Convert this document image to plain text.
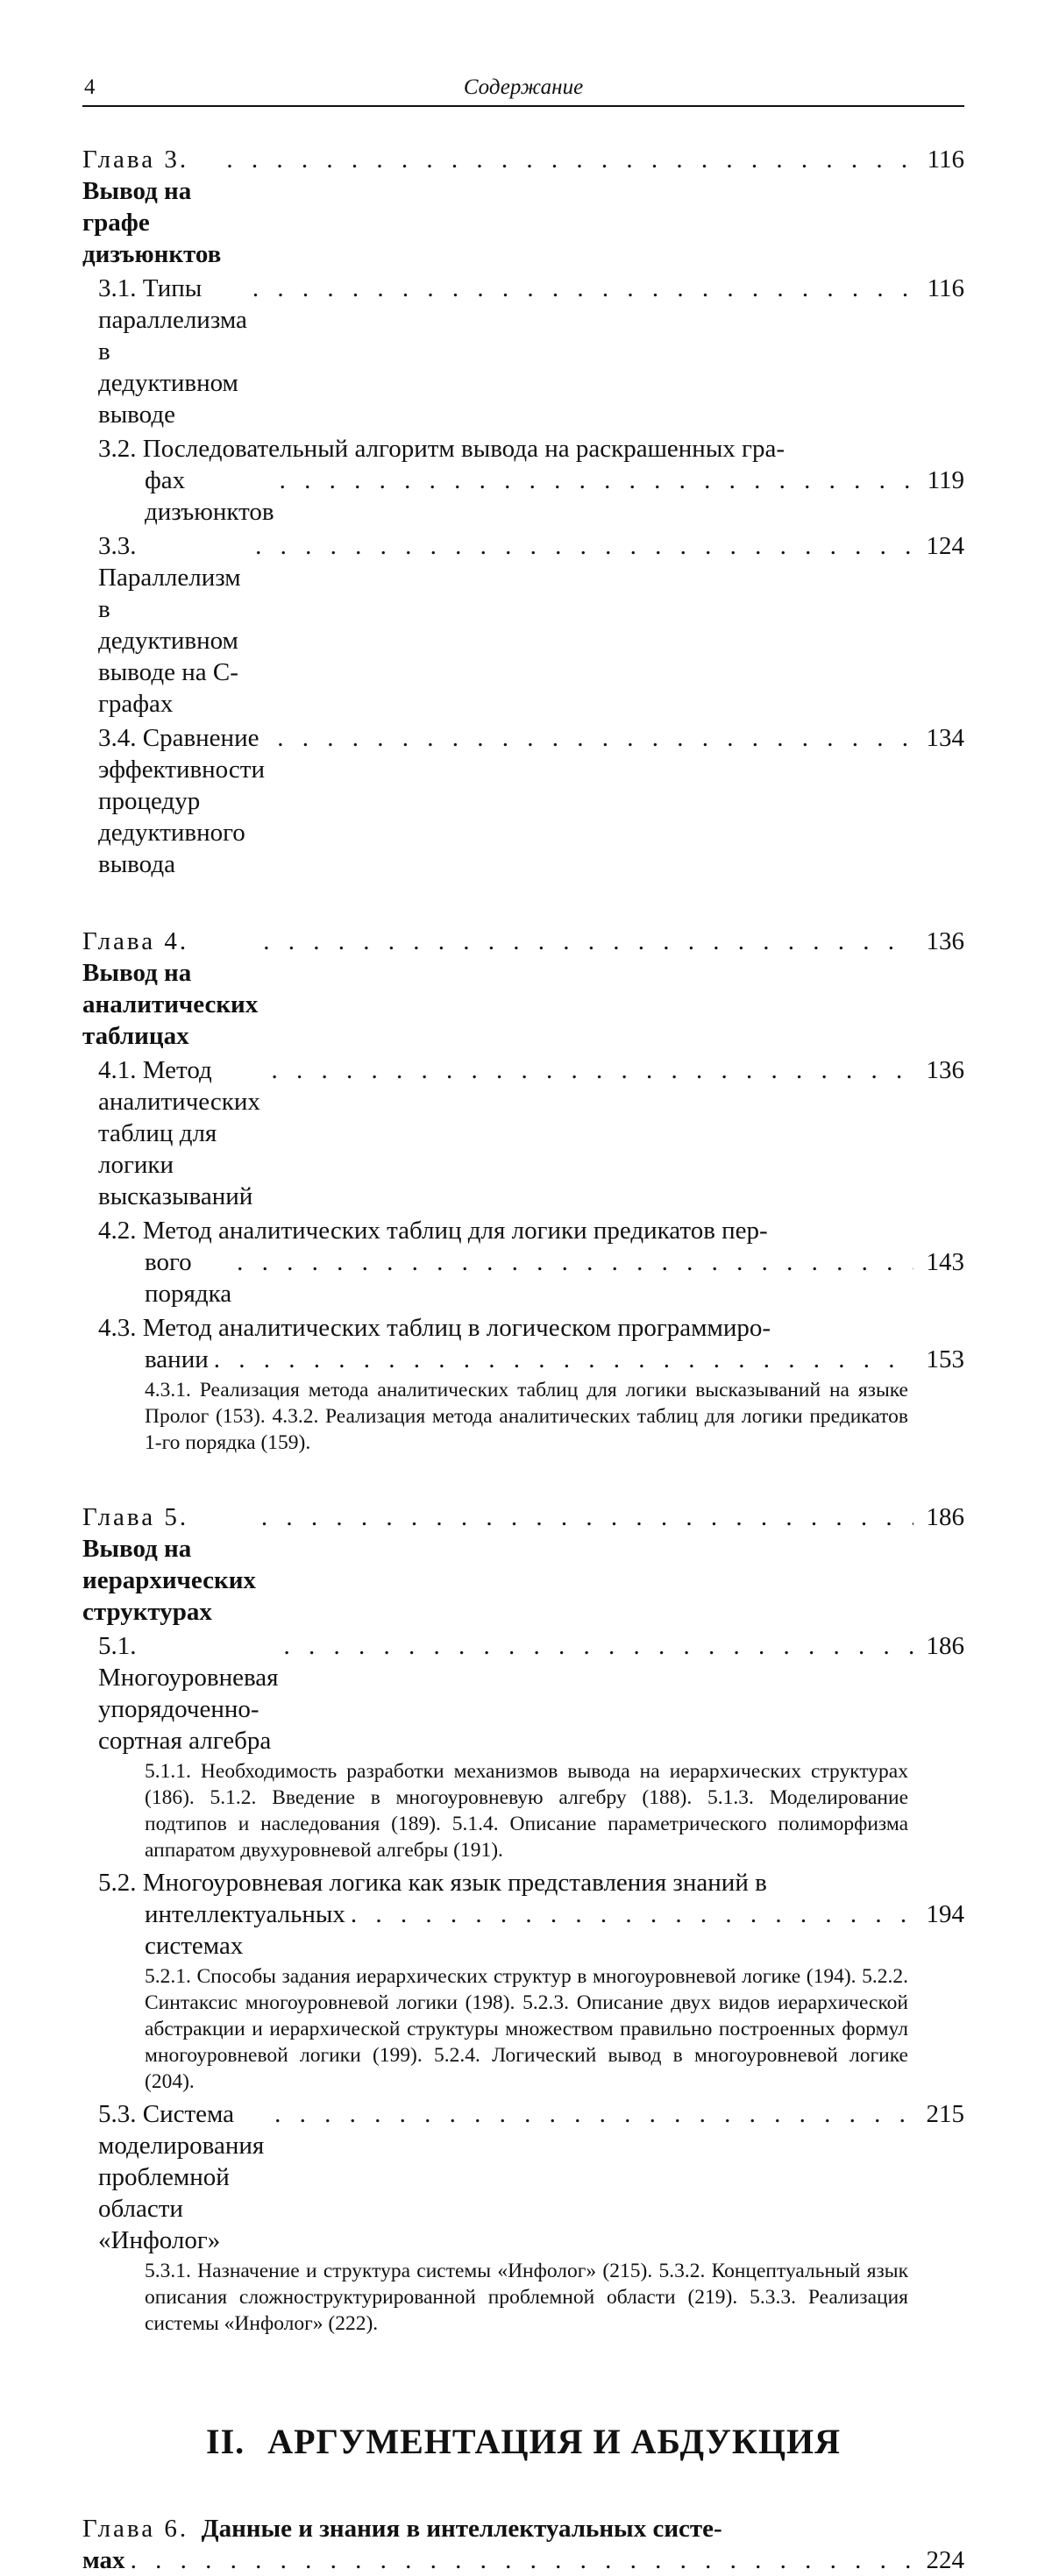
4	Содержание
Глава 3.  Вывод на графе дизъюнктов
. . .
116
3.1. Типы параллелизма в дедуктивном выводе
. . .
116
3.2. Последовательный алгоритм вывода на раскрашенных гра-
фах дизъюнктов
. . .
119
3.3. Параллелизм в дедуктивном выводе на С-графах
. . .
124
3.4. Сравнение эффективности процедур дедуктивного вывода
. . .
134
Глава 4.  Вывод на аналитических таблицах
. . .
136
4.1. Метод аналитических таблиц для логики высказываний
. . .
136
4.2. Метод аналитических таблиц для логики предикатов пер-
вого порядка
. . .
143
4.3. Метод аналитических таблиц в логическом программиро-
вании
. . .	153
4.3.1. Реализация метода аналитических таблиц для логики высказываний на языке Пролог (153). 4.3.2. Реализация метода аналитических таблиц для логики предикатов 1-го порядка (159).
Глава 5.  Вывод на иерархических структурах
. . .
186
5.1. Многоуровневая упорядоченно-сортная алгебра
. . .
186
5.1.1. Необходимость разработки механизмов вывода на иерархических структурах (186). 5.1.2. Введение в многоуровневую алгебру (188). 5.1.3. Моделирование подтипов и наследования (189). 5.1.4. Описание параметрического полиморфизма аппаратом двухуровневой алгебры (191).
5.2. Многоуровневая логика как язык представления знаний в
интеллектуальных системах
. . .
194
5.2.1. Способы задания иерархических структур в многоуровневой логике (194). 5.2.2. Синтаксис многоуровневой логики (198). 5.2.3. Описание двух видов иерархической абстракции и иерархической структуры множеством правильно построенных формул многоуровневой логики (199). 5.2.4. Логический вывод в многоуровневой логике (204).
5.3. Система моделирования проблемной области «Инфолог»
. . .
215
5.3.1. Назначение и структура системы «Инфолог» (215). 5.3.2. Концептуальный язык описания сложноструктурированной проблемной области (219). 5.3.3. Реализация системы «Инфолог» (222).
II. АРГУМЕНТАЦИЯ И АБДУКЦИЯ
Глава 6. Данные и знания в интеллектуальных систе-
мах
. . .	224
